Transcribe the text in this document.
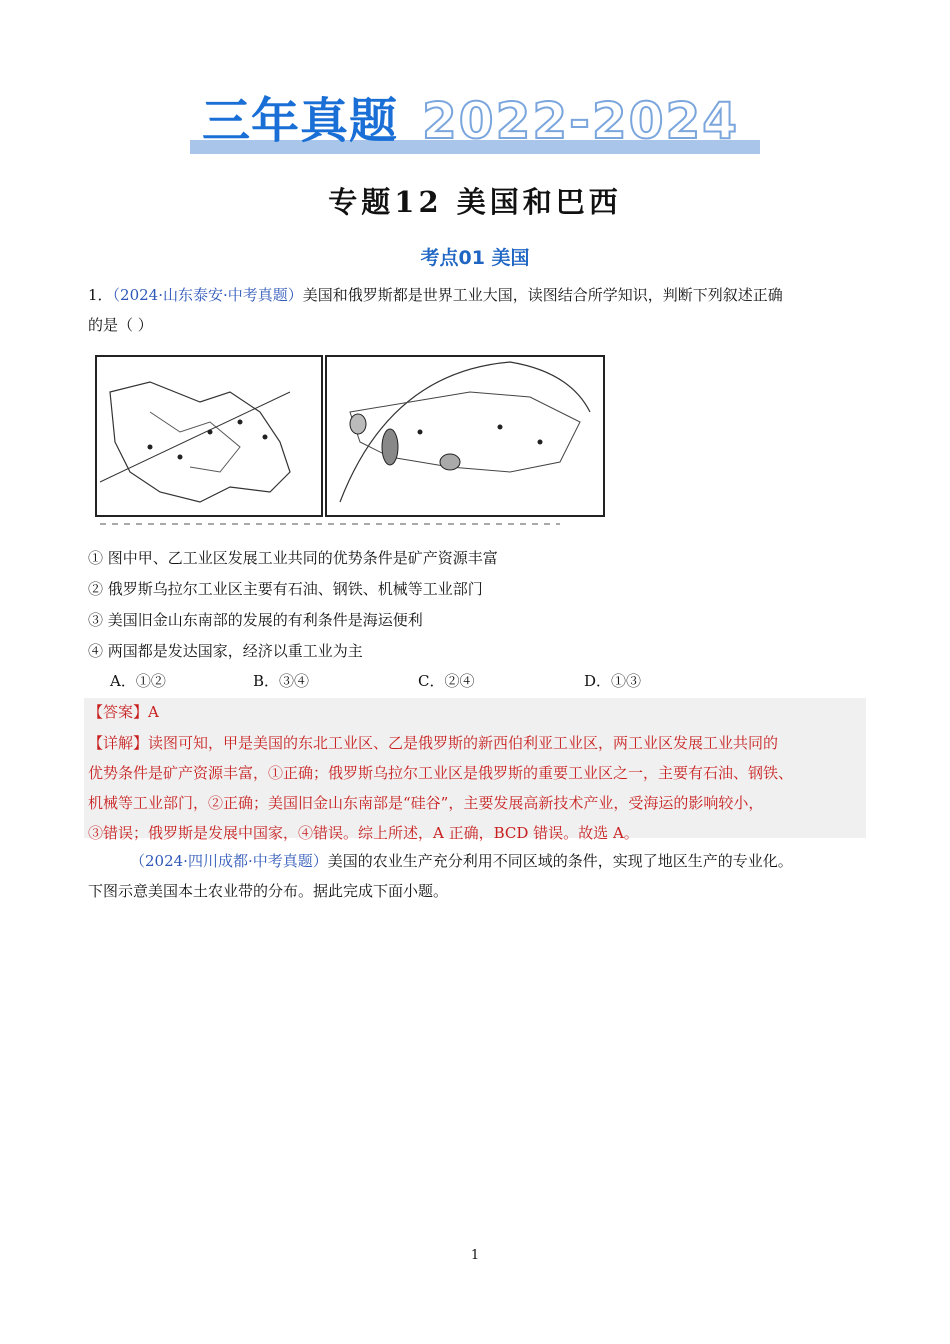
三年真题 2022-2024
专题12 美国和巴西
考点01 美国
1．（2024·山东泰安·中考真题）美国和俄罗斯都是世界工业大国，读图结合所学知识，判断下列叙述正确
的是（ ）
① 图中甲、乙工业区发展工业共同的优势条件是矿产资源丰富
② 俄罗斯乌拉尔工业区主要有石油、钢铁、机械等工业部门
③ 美国旧金山东南部的发展的有利条件是海运便利
④ 两国都是发达国家，经济以重工业为主
A．①②	B．③④	C．②④	D．①③
【答案】A
【详解】读图可知，甲是美国的东北工业区、乙是俄罗斯的新西伯利亚工业区，两工业区发展工业共同的
优势条件是矿产资源丰富，①正确；俄罗斯乌拉尔工业区是俄罗斯的重要工业区之一，主要有石油、钢铁、
机械等工业部门，②正确；美国旧金山东南部是“硅谷”，主要发展高新技术产业，受海运的影响较小，
③错误；俄罗斯是发展中国家，④错误。综上所述，A 正确，BCD 错误。故选 A。
（2024·四川成都·中考真题）美国的农业生产充分利用不同区域的条件，实现了地区生产的专业化。
下图示意美国本土农业带的分布。据此完成下面小题。
1
